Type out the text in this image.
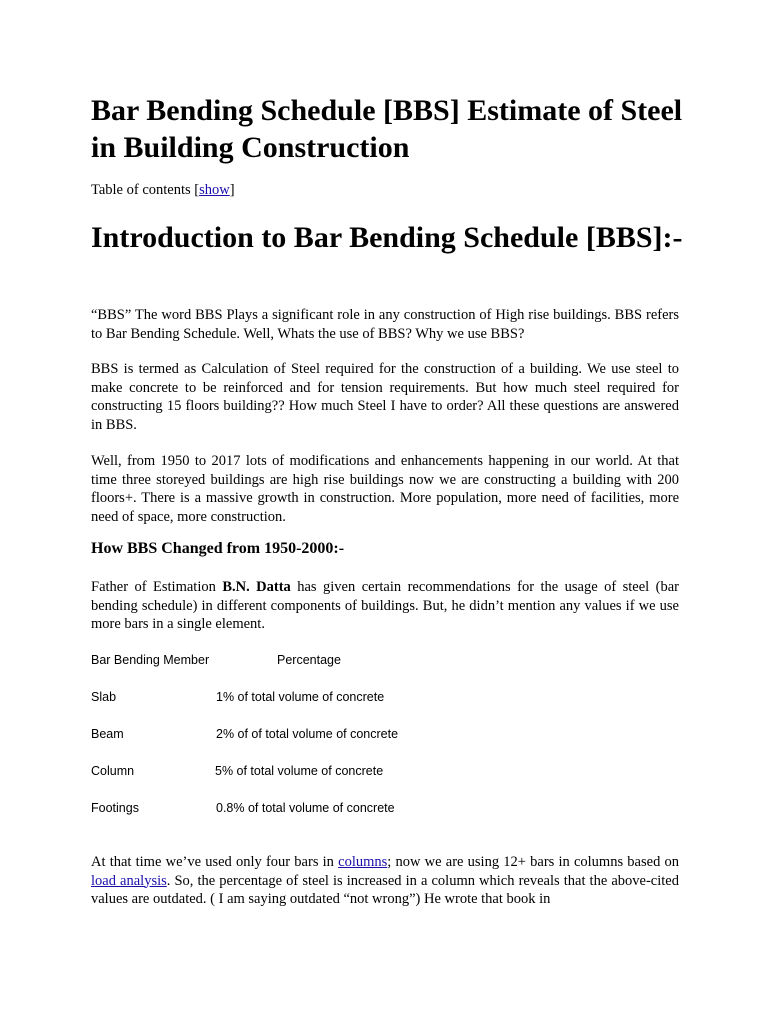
Bar Bending Schedule [BBS] Estimate of Steel in Building Construction
Table of contents [show]
Introduction to Bar Bending Schedule [BBS]:-

“BBS” The word BBS Plays a significant role in any construction of High rise buildings. BBS refers to Bar Bending Schedule. Well, Whats the use of BBS? Why we use BBS?

BBS is termed as Calculation of Steel required for the construction of a building. We use steel to make concrete to be reinforced and for tension requirements. But how much steel required for constructing 15 floors building?? How much Steel I have to order? All these questions are answered in BBS.

Well, from 1950 to 2017 lots of modifications and enhancements happening in our world. At that time three storeyed buildings are high rise buildings now we are constructing a building with 200 floors+. There is a massive growth in construction. More population, more need of facilities, more need of space, more construction.

How BBS Changed from 1950-2000:-

Father of Estimation B.N. Datta has given certain recommendations for the usage of steel (bar bending schedule) in different components of buildings. But, he didn’t mention any values if we use more bars in a single element.

Bar Bending Member	Percentage
Slab	1% of total volume of concrete
Beam	2% of of total volume of concrete
Column	5% of total volume of concrete
Footings	0.8% of total volume of concrete

At that time we’ve used only four bars in columns; now we are using 12+ bars in columns based on load analysis. So, the percentage of steel is increased in a column which reveals that the above-cited values are outdated. ( I am saying outdated “not wrong”) He wrote that book in
